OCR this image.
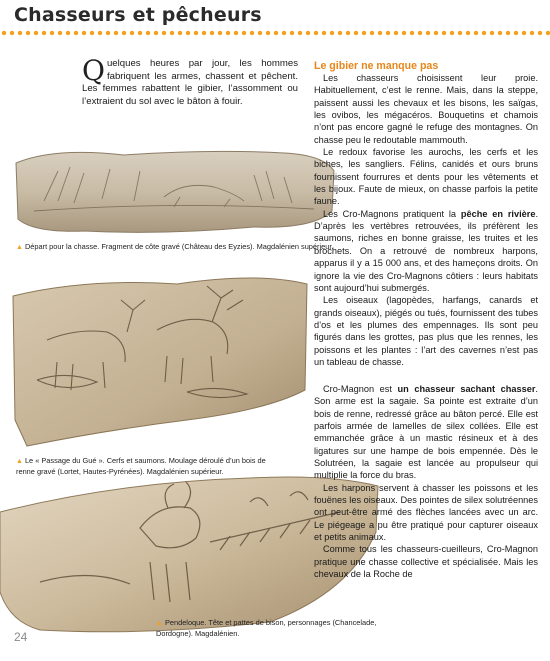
Chasseurs et pêcheurs
Quelques heures par jour, les hommes fabriquent les armes, chassent et pêchent. Les femmes rabattent le gibier, l’assomment ou l’extraient du sol avec le bâton à fouir.
▲ Départ pour la chasse. Fragment de côte gravé (Château des Eyzies). Magdalénien supérieur.
▲ Le « Passage du Gué ». Cerfs et saumons. Moulage déroulé d’un bois de renne gravé (Lortet, Hautes-Pyrénées). Magdalénien supérieur.
▲ Pendeloque. Tête et pattes de bison, personnages (Chancelade, Dordogne). Magdalénien.
Le gibier ne manque pas

Les chasseurs choisissent leur proie. Habituellement, c’est le renne. Mais, dans la steppe, paissent aussi les chevaux et les bisons, les saïgas, les ovibos, les mégacéros. Bouquetins et chamois n’ont pas encore gagné le refuge des montagnes. On chasse peu le redoutable mammouth.

Le redoux favorise les aurochs, les cerfs et les biches, les sangliers. Félins, canidés et ours bruns fournissent fourrures et dents pour les vêtements et les bijoux. Faute de mieux, on chasse parfois la petite faune.

Les Cro-Magnons pratiquent la pêche en rivière. D’après les vertèbres retrouvées, ils préfèrent les saumons, riches en bonne graisse, les truites et les brochets. On a retrouvé de nombreux harpons, apparus il y a 15 000 ans, et des hameçons droits. On ignore la vie des Cro-Magnons côtiers : leurs habitats sont aujourd’hui submergés.

Les oiseaux (lagopèdes, harfangs, canards et grands oiseaux), piégés ou tués, fournissent des tubes d’os et les plumes des empennages. Ils sont peu figurés dans les grottes, pas plus que les rennes, les poissons et les plantes : l’art des cavernes n’est pas un tableau de chasse.

Cro-Magnon est un chasseur sachant chasser. Son arme est la sagaie. Sa pointe est extraite d’un bois de renne, redressé grâce au bâton percé. Elle est parfois armée de lamelles de silex collées. Elle est emmanchée grâce à un mastic résineux et à des ligatures sur une hampe de bois empennée. Dès le Solutréen, la sagaie est lancée au propulseur qui multiplie la force du bras.

Les harpons servent à chasser les poissons et les fouënes les oiseaux. Des pointes de silex solutréennes ont peut-être armé des flèches lancées avec un arc. Le piégeage a pu être pratiqué pour capturer oiseaux et petits animaux.

Comme tous les chasseurs-cueilleurs, Cro-Magnon pratique une chasse collective et spécialisée. Mais les chevaux de la Roche de

24
